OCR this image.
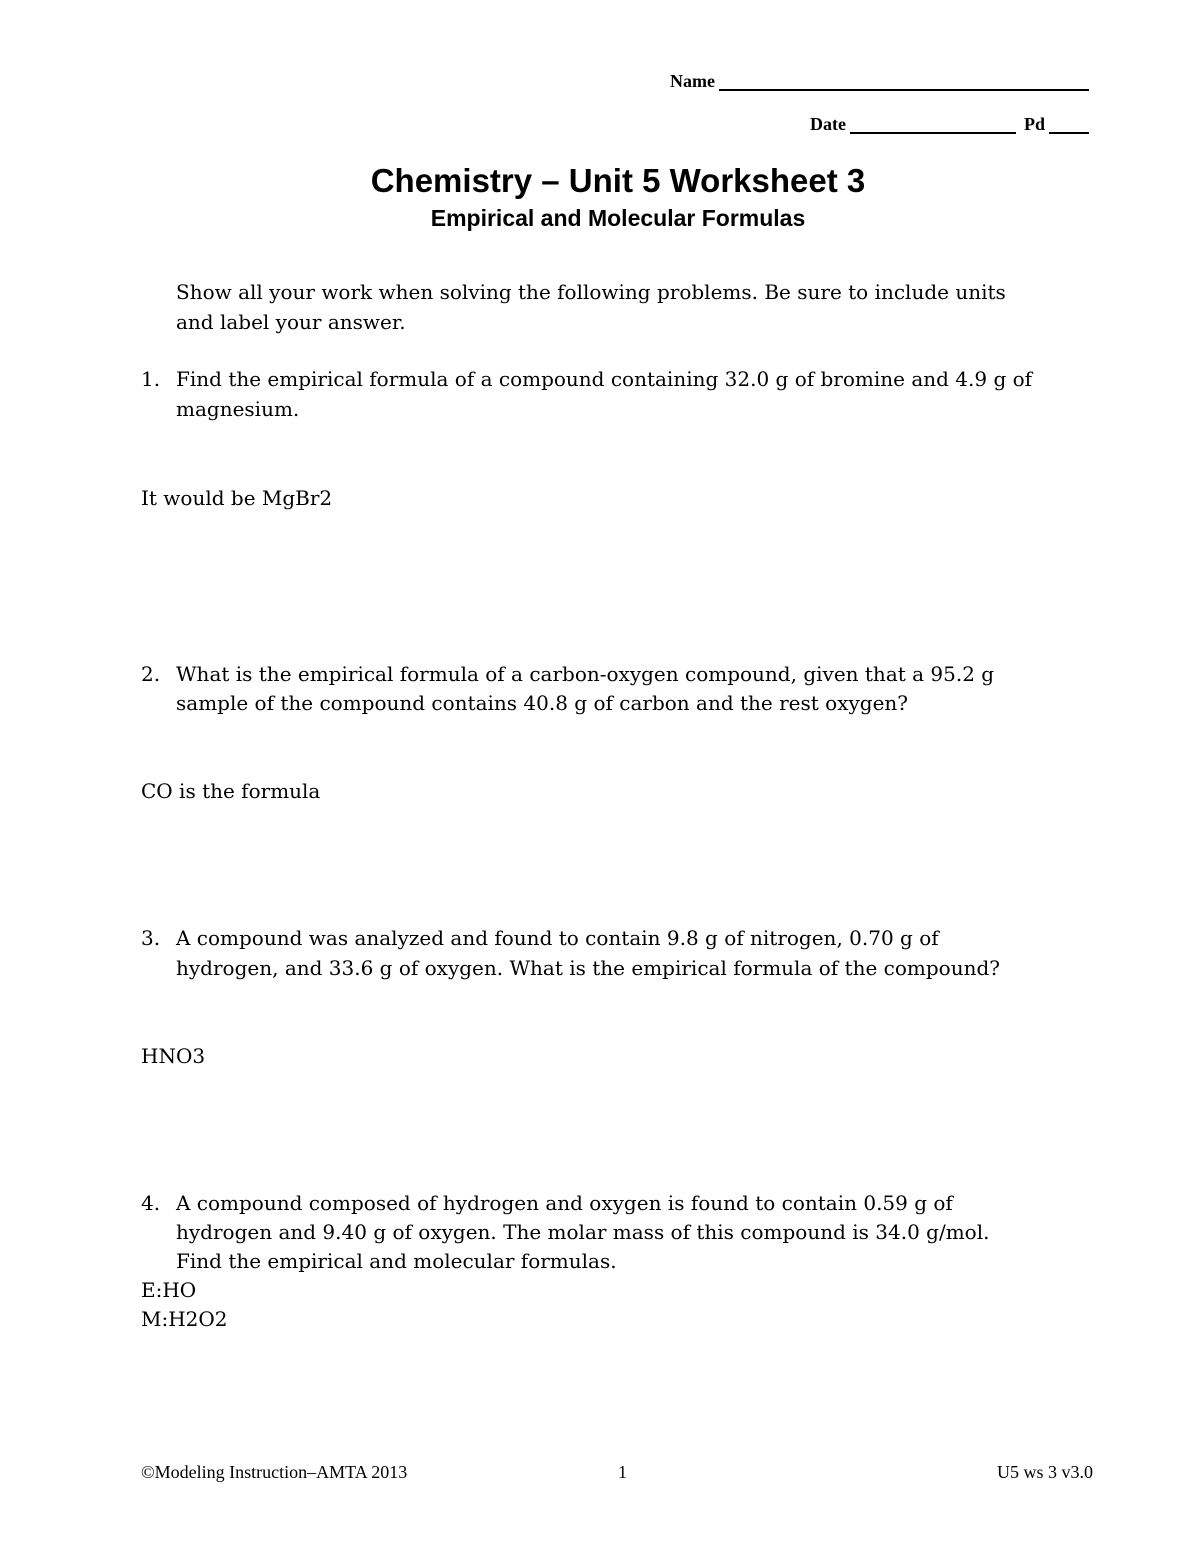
Name
Date	Pd
Chemistry – Unit 5 Worksheet 3
Empirical and Molecular Formulas
Show all your work when solving the following problems. Be sure to include units
and label your answer.
1. Find the empirical formula of a compound containing 32.0 g of bromine and 4.9 g of
magnesium.
It would be MgBr2
2. What is the empirical formula of a carbon-oxygen compound, given that a 95.2 g
sample of the compound contains 40.8 g of carbon and the rest oxygen?
CO is the formula
3. A compound was analyzed and found to contain 9.8 g of nitrogen, 0.70 g of
hydrogen, and 33.6 g of oxygen. What is the empirical formula of the compound?
HNO3
4. A compound composed of hydrogen and oxygen is found to contain 0.59 g of
hydrogen and 9.40 g of oxygen. The molar mass of this compound is 34.0 g/mol.
Find the empirical and molecular formulas.
E:HO
M:H2O2
©Modeling Instruction–AMTA 2013	1	U5 ws 3 v3.0
